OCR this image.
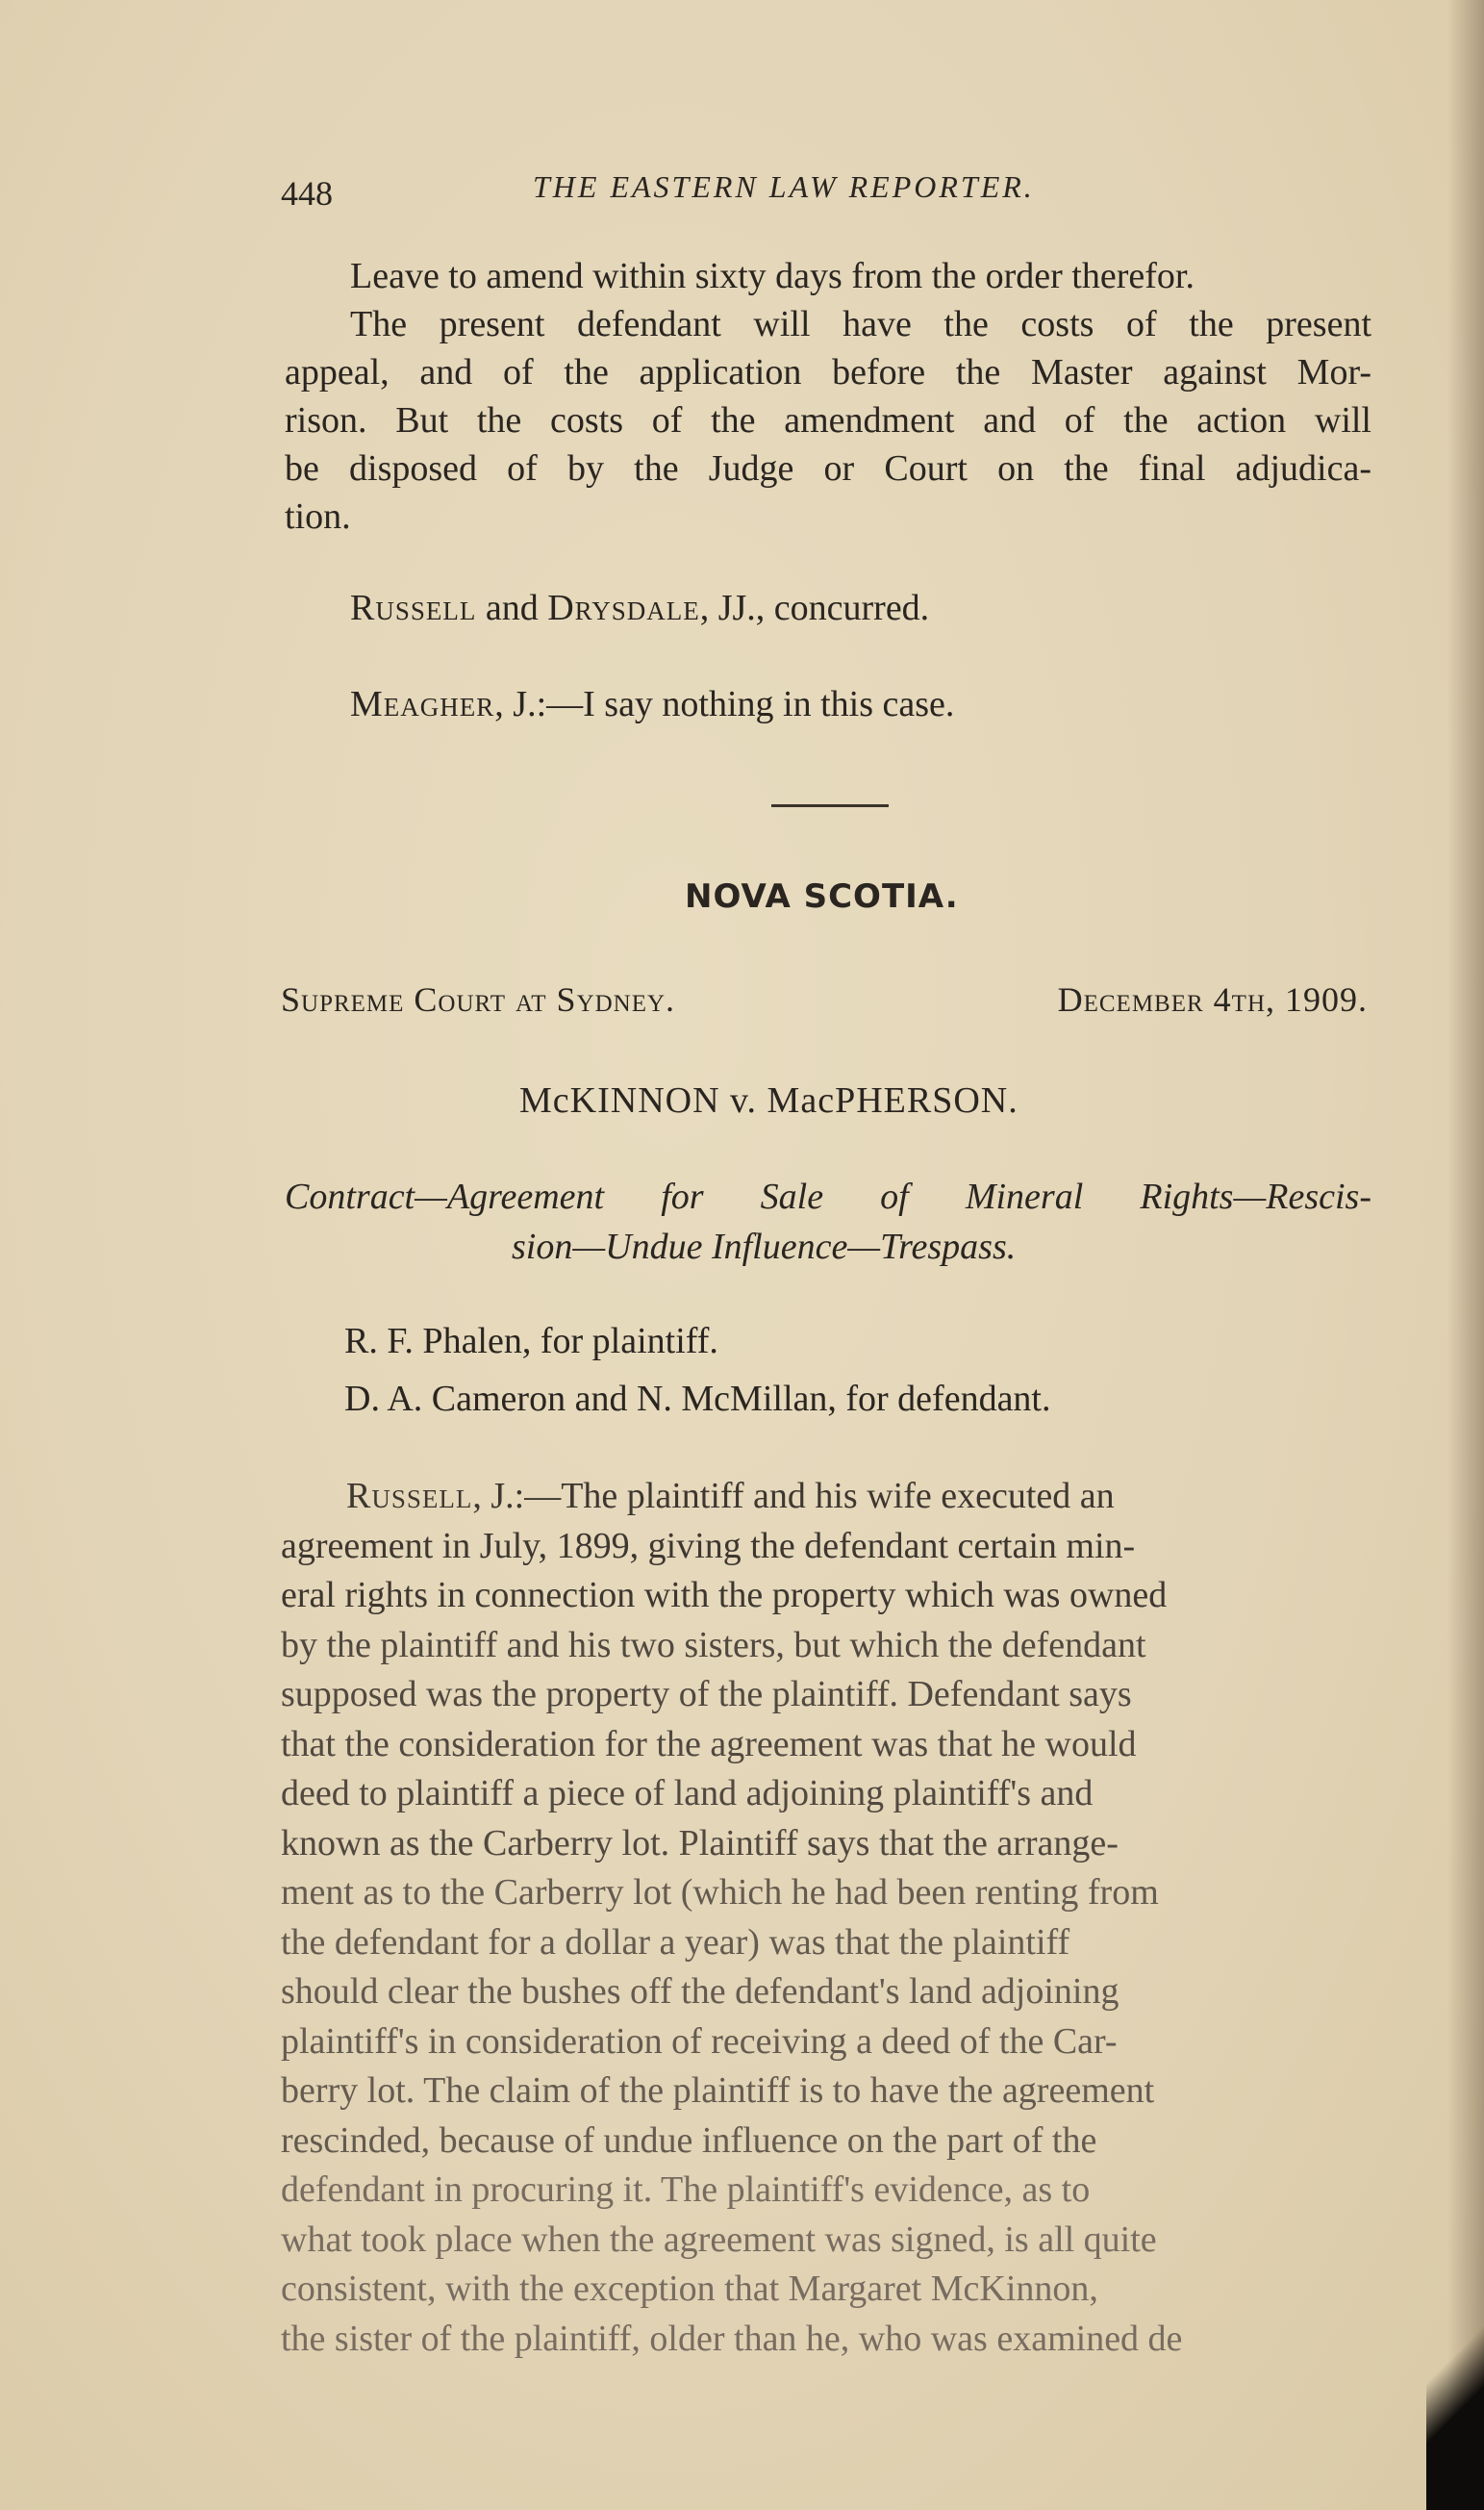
448	THE EASTERN LAW REPORTER.

Leave to amend within sixty days from the order therefor.
The present defendant will have the costs of the present
appeal, and of the application before the Master against Mor-
rison. But the costs of the amendment and of the action will
be disposed of by the Judge or Court on the final adjudica-
tion.

Russell and Drysdale, JJ., concurred.
Meagher, J.:—I say nothing in this case.
NOVA SCOTIA.
Supreme Court at Sydney.	December 4th, 1909.
McKINNON v. MacPHERSON.
Contract—Agreement for Sale of Mineral Rights—Rescis-
sion—Undue Influence—Trespass.
R. F. Phalen, for plaintiff.
D. A. Cameron and N. McMillan, for defendant.
Russell, J.:—The plaintiff and his wife executed an
agreement in July, 1899, giving the defendant certain min-
eral rights in connection with the property which was owned
by the plaintiff and his two sisters, but which the defendant
supposed was the property of the plaintiff. Defendant says
that the consideration for the agreement was that he would
deed to plaintiff a piece of land adjoining plaintiff's and
known as the Carberry lot. Plaintiff says that the arrange-
ment as to the Carberry lot (which he had been renting from
the defendant for a dollar a year) was that the plaintiff
should clear the bushes off the defendant's land adjoining
plaintiff's in consideration of receiving a deed of the Car-
berry lot. The claim of the plaintiff is to have the agreement
rescinded, because of undue influence on the part of the
defendant in procuring it. The plaintiff's evidence, as to
what took place when the agreement was signed, is all quite
consistent, with the exception that Margaret McKinnon,
the sister of the plaintiff, older than he, who was examined de
